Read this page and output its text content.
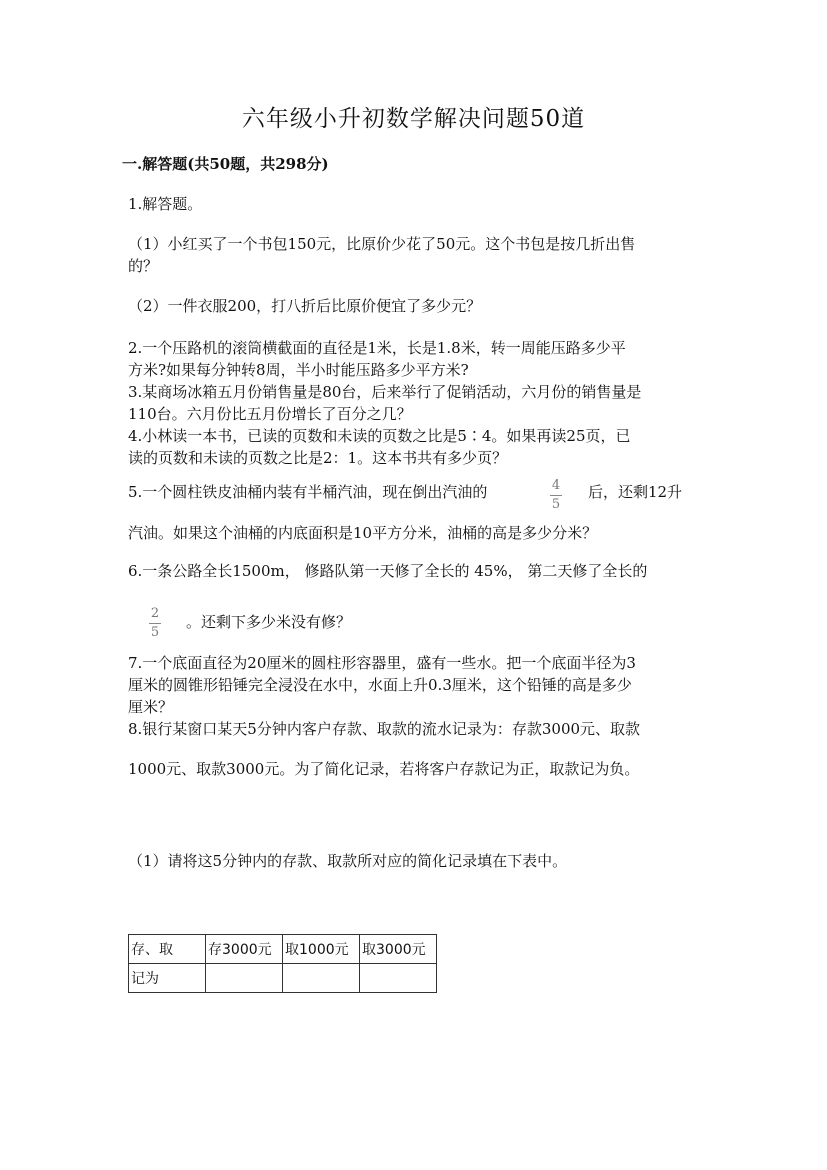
六年级小升初数学解决问题50道
一.解答题(共50题，共298分)
1.解答题。
（1）小红买了一个书包150元，比原价少花了50元。这个书包是按几折出售
的？
（2）一件衣服200，打八折后比原价便宜了多少元？
2.一个压路机的滚筒横截面的直径是1米，长是1.8米，转一周能压路多少平
方米?如果每分钟转8周，半小时能压路多少平方米?
3.某商场冰箱五月份销售量是80台，后来举行了促销活动，六月份的销售量是
110台。六月份比五月份增长了百分之几？
4.小林读一本书，已读的页数和未读的页数之比是5∶4。如果再读25页，已
读的页数和未读的页数之比是2：1。这本书共有多少页？
5.一个圆柱铁皮油桶内装有半桶汽油，现在倒出汽油的	4
5
后，还剩12升
汽油。如果这个油桶的内底面积是10平方分米，油桶的高是多少分米？
6.一条公路全长1500m， 修路队第一天修了全长的 45%， 第二天修了全长的
2
5
。还剩下多少米没有修？
7.一个底面直径为20厘米的圆柱形容器里，盛有一些水。把一个底面半径为3
厘米的圆锥形铅锤完全浸没在水中，水面上升0.3厘米，这个铅锤的高是多少
厘米？
8.银行某窗口某天5分钟内客户存款、取款的流水记录为：存款3000元、取款
1000元、取款3000元。为了简化记录，若将客户存款记为正，取款记为负。
（1）请将这5分钟内的存款、取款所对应的简化记录填在下表中。
存、取	存3000元	取1000元	取3000元
记为			
